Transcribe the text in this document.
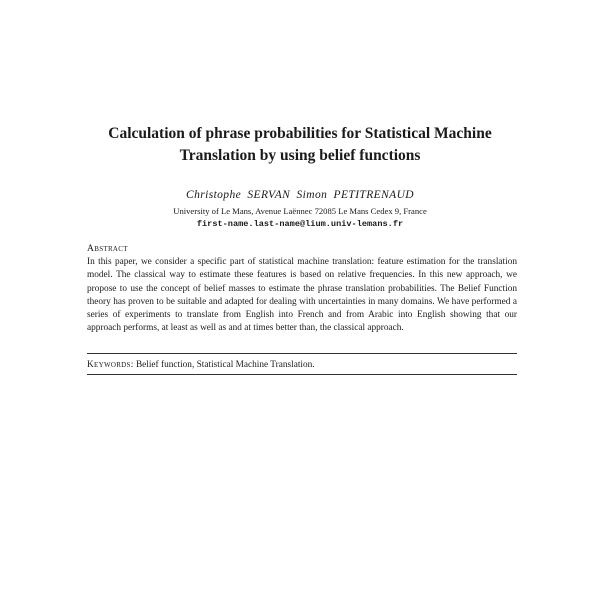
Calculation of phrase probabilities for Statistical Machine
Translation by using belief functions
Christophe SERVAN Simon PETITRENAUD
University of Le Mans, Avenue Laënnec 72085 Le Mans Cedex 9, France
first-name.last-name@lium.univ-lemans.fr
Abstract
In this paper, we consider a specific part of statistical machine translation: feature estimation for the translation model. The classical way to estimate these features is based on relative frequencies. In this new approach, we propose to use the concept of belief masses to estimate the phrase translation probabilities. The Belief Function theory has proven to be suitable and adapted for dealing with uncertainties in many domains. We have performed a series of experiments to translate from English into French and from Arabic into English showing that our approach performs, at least as well as and at times better than, the classical approach.
Keywords: Belief function, Statistical Machine Translation.
